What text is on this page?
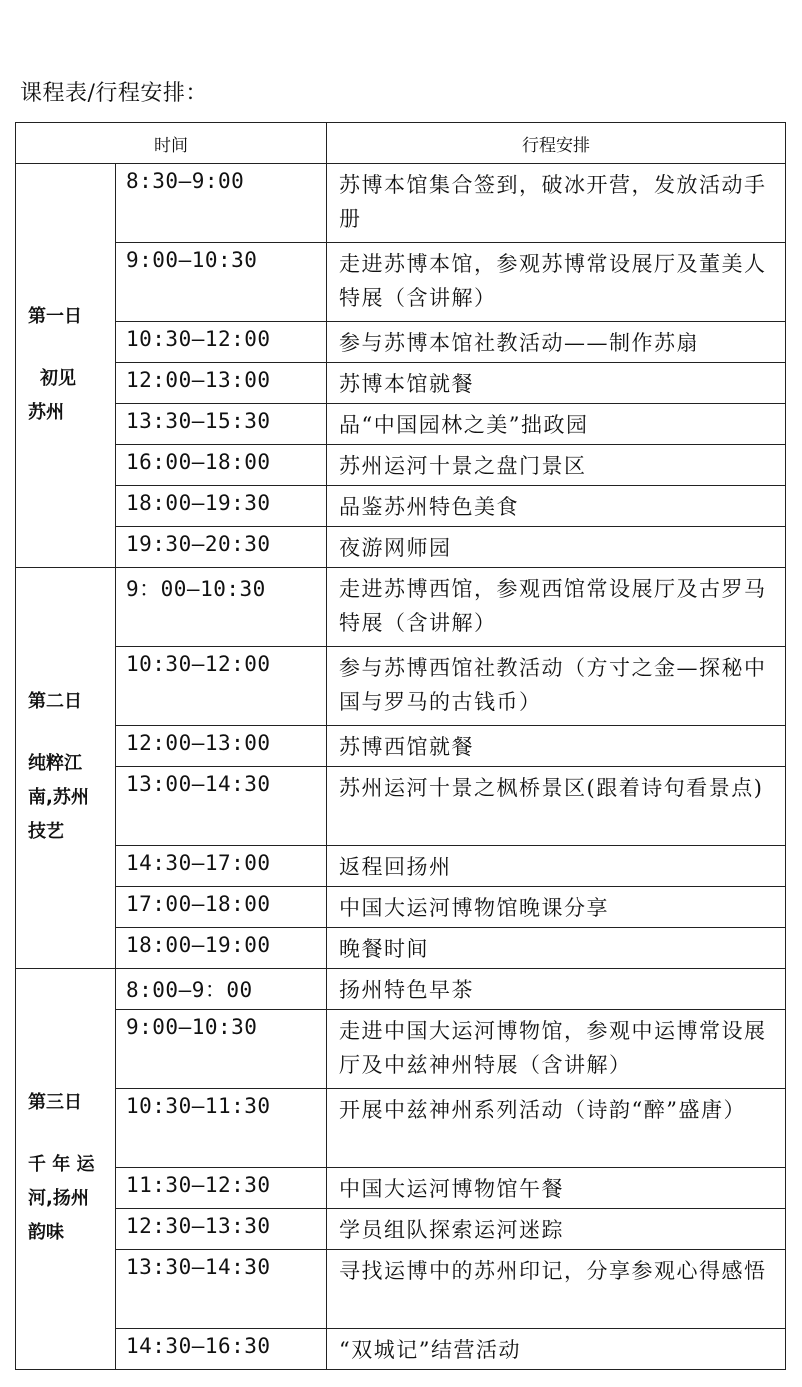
课程表/行程安排：
时间		行程安排

第一日
初见
苏州	8:30—9:00	苏博本馆集合签到，破冰开营，发放活动手册
	9:00—10:30	走进苏博本馆，参观苏博常设展厅及董美人特展（含讲解）
	10:30—12:00	参与苏博本馆社教活动——制作苏扇
	12:00—13:00	苏博本馆就餐
	13:30—15:30	品“中国园林之美”拙政园
	16:00—18:00	苏州运河十景之盘门景区
	18:00—19:30	品鉴苏州特色美食
	19:30—20:30	夜游网师园

第二日
纯粹江
南,苏州
技艺	9：00—10:30	走进苏博西馆，参观西馆常设展厅及古罗马特展（含讲解）
	10:30—12:00	参与苏博西馆社教活动（方寸之金—探秘中国与罗马的古钱币）
	12:00—13:00	苏博西馆就餐
	13:00—14:30	苏州运河十景之枫桥景区(跟着诗句看景点)
	14:30—17:00	返程回扬州
	17:00—18:00	中国大运河博物馆晚课分享
	18:00—19:00	晚餐时间

第三日
千 年 运
河,扬州
韵味	8:00—9：00	扬州特色早茶
	9:00—10:30	走进中国大运河博物馆，参观中运博常设展厅及中兹神州特展（含讲解）
	10:30—11:30	开展中兹神州系列活动（诗韵“醉”盛唐）
	11:30—12:30	中国大运河博物馆午餐
	12:30—13:30	学员组队探索运河迷踪
	13:30—14:30	寻找运博中的苏州印记，分享参观心得感悟
	14:30—16:30	“双城记”结营活动
